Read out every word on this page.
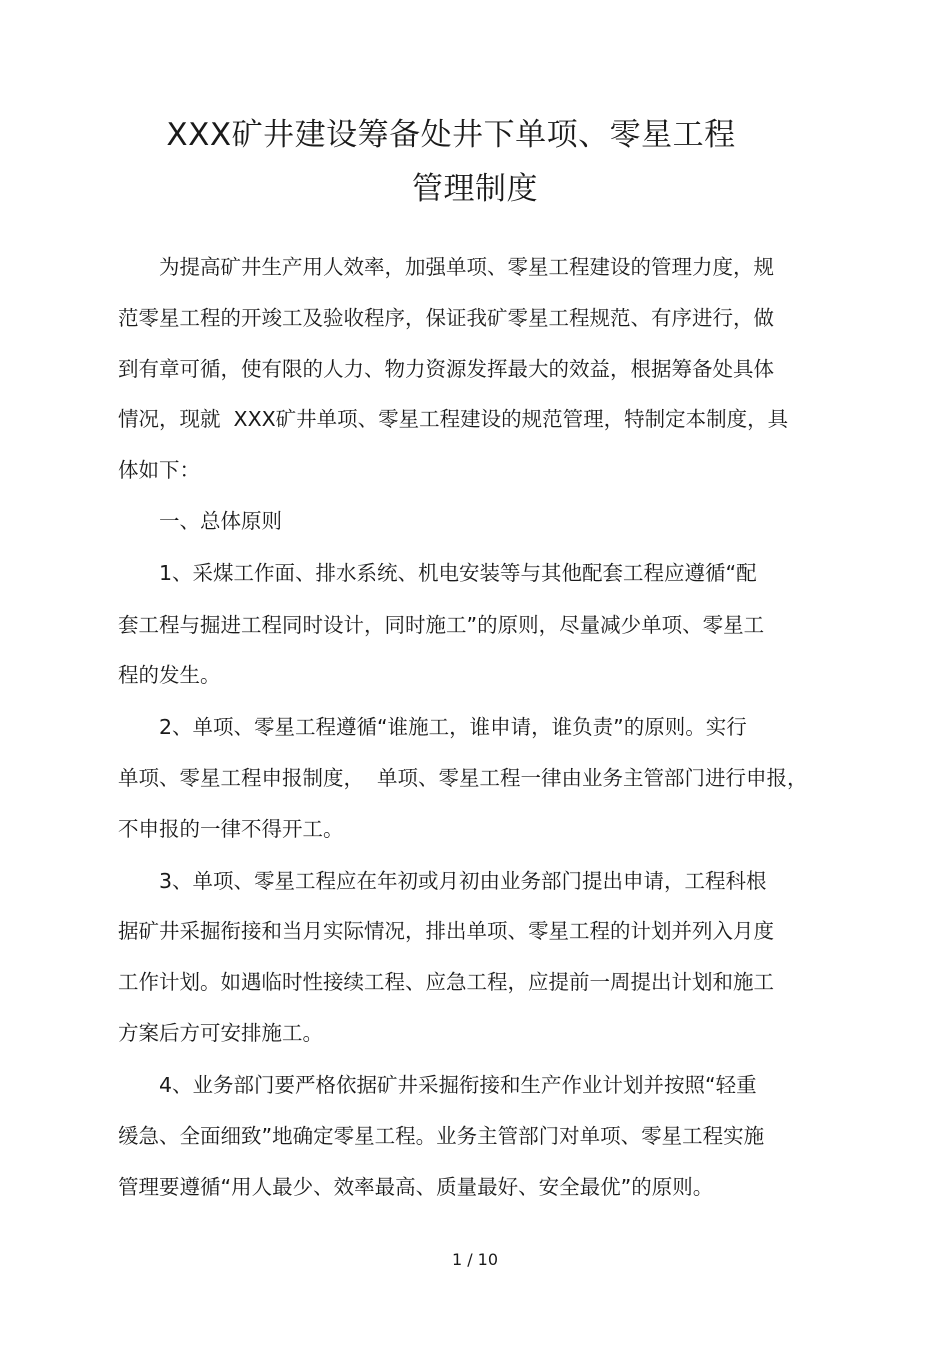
XXX矿井建设筹备处井下单项、零星工程
管理制度
　　为提高矿井生产用人效率，加强单项、零星工程建设的管理力度，规
范零星工程的开竣工及验收程序，保证我矿零星工程规范、有序进行，做
到有章可循，使有限的人力、物力资源发挥最大的效益，根据筹备处具体
情况，现就  XXX矿井单项、零星工程建设的规范管理，特制定本制度，具
体如下：
　　一、总体原则
　　1、采煤工作面、排水系统、机电安装等与其他配套工程应遵循“配
套工程与掘进工程同时设计，同时施工”的原则，尽量减少单项、零星工
程的发生。
　　2、单项、零星工程遵循“谁施工，谁申请，谁负责”的原则。实行
单项、零星工程申报制度，  单项、零星工程一律由业务主管部门进行申报，
不申报的一律不得开工。
　　3、单项、零星工程应在年初或月初由业务部门提出申请，工程科根
据矿井采掘衔接和当月实际情况，排出单项、零星工程的计划并列入月度
工作计划。如遇临时性接续工程、应急工程，应提前一周提出计划和施工
方案后方可安排施工。
　　4、业务部门要严格依据矿井采掘衔接和生产作业计划并按照“轻重
缓急、全面细致”地确定零星工程。业务主管部门对单项、零星工程实施
管理要遵循“用人最少、效率最高、质量最好、安全最优”的原则。
1 / 10
